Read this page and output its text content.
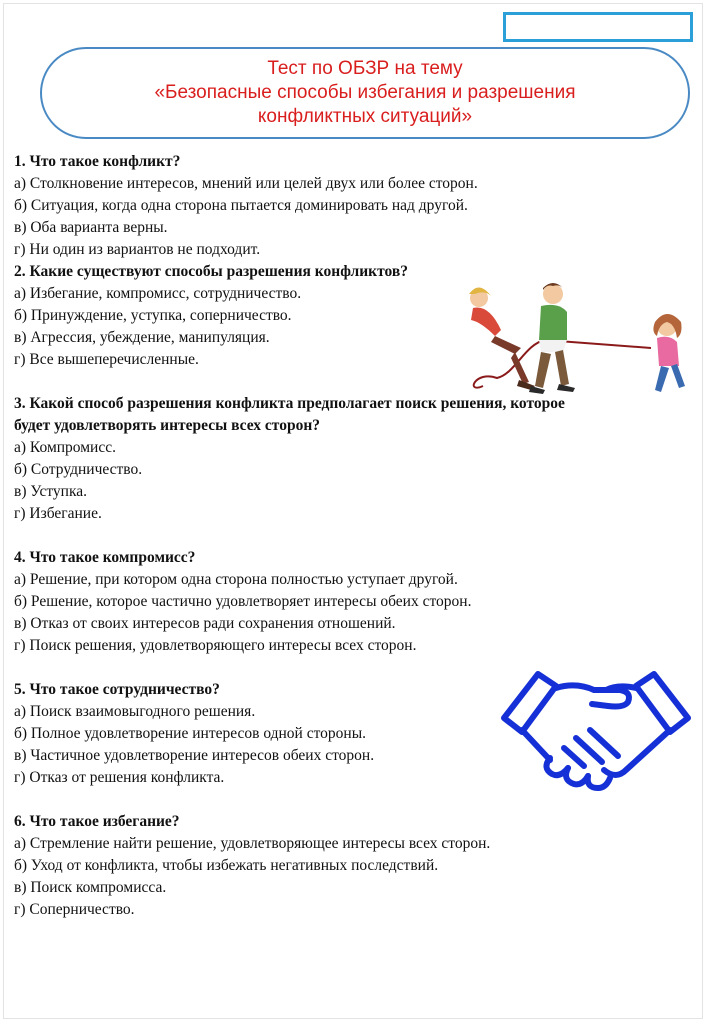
Тест по ОБЗР на тему
«Безопасные способы избегания и разрешения
конфликтных ситуаций»
1. Что такое конфликт?
а) Столкновение интересов, мнений или целей двух или более сторон.
б) Ситуация, когда одна сторона пытается доминировать над другой.
в) Оба варианта верны.
г) Ни один из вариантов не подходит.
2. Какие существуют способы разрешения конфликтов?
а) Избегание, компромисс, сотрудничество.
б) Принуждение, уступка, соперничество.
в) Агрессия, убеждение, манипуляция.
г) Все вышеперечисленные.
3. Какой способ разрешения конфликта предполагает поиск решения, которое
будет удовлетворять интересы всех сторон?
а) Компромисс.
б) Сотрудничество.
в) Уступка.
г) Избегание.
4. Что такое компромисс?
а) Решение, при котором одна сторона полностью уступает другой.
б) Решение, которое частично удовлетворяет интересы обеих сторон.
в) Отказ от своих интересов ради сохранения отношений.
г) Поиск решения, удовлетворяющего интересы всех сторон.
5. Что такое сотрудничество?
а) Поиск взаимовыгодного решения.
б) Полное удовлетворение интересов одной стороны.
в) Частичное удовлетворение интересов обеих сторон.
г) Отказ от решения конфликта.
6. Что такое избегание?
а) Стремление найти решение, удовлетворяющее интересы всех сторон.
б) Уход от конфликта, чтобы избежать негативных последствий.
в) Поиск компромисса.
г) Соперничество.
